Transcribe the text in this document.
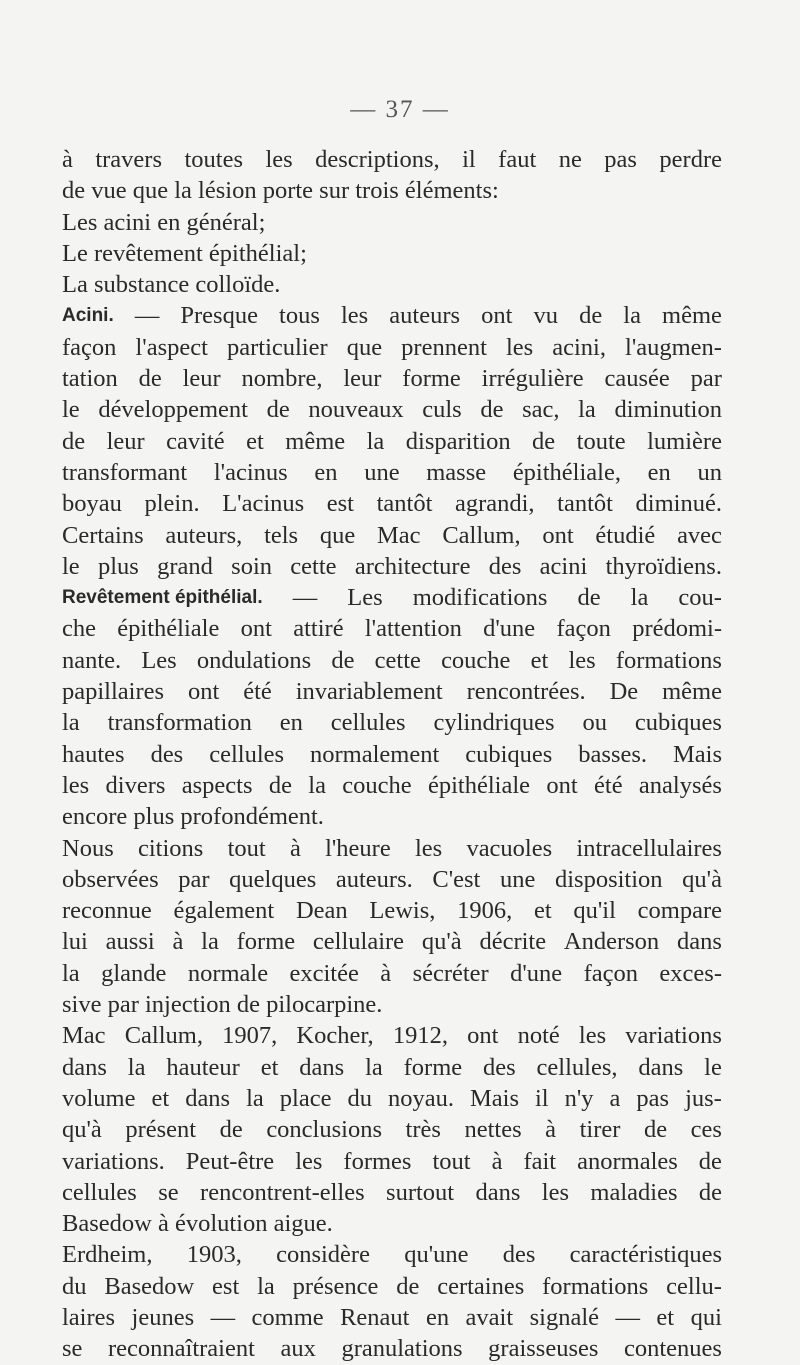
— 37 —
à travers toutes les descriptions, il faut ne pas perdre
de vue que la lésion porte sur trois éléments:
Les acini en général;
Le revêtement épithélial;
La substance colloïde.
Acini. — Presque tous les auteurs ont vu de la même
façon l'aspect particulier que prennent les acini, l'augmen-
tation de leur nombre, leur forme irrégulière causée par
le développement de nouveaux culs de sac, la diminution
de leur cavité et même la disparition de toute lumière
transformant l'acinus en une masse épithéliale, en un
boyau plein. L'acinus est tantôt agrandi, tantôt diminué.
Certains auteurs, tels que Mac Callum, ont étudié avec
le plus grand soin cette architecture des acini thyroïdiens.
Revêtement épithélial. — Les modifications de la cou-
che épithéliale ont attiré l'attention d'une façon prédomi-
nante. Les ondulations de cette couche et les formations
papillaires ont été invariablement rencontrées. De même
la transformation en cellules cylindriques ou cubiques
hautes des cellules normalement cubiques basses. Mais
les divers aspects de la couche épithéliale ont été analysés
encore plus profondément.
Nous citions tout à l'heure les vacuoles intracellulaires
observées par quelques auteurs. C'est une disposition qu'à
reconnue également Dean Lewis, 1906, et qu'il compare
lui aussi à la forme cellulaire qu'à décrite Anderson dans
la glande normale excitée à sécréter d'une façon exces-
sive par injection de pilocarpine.
Mac Callum, 1907, Kocher, 1912, ont noté les variations
dans la hauteur et dans la forme des cellules, dans le
volume et dans la place du noyau. Mais il n'y a pas jus-
qu'à présent de conclusions très nettes à tirer de ces
variations. Peut-être les formes tout à fait anormales de
cellules se rencontrent-elles surtout dans les maladies de
Basedow à évolution aigue.
Erdheim, 1903, considère qu'une des caractéristiques
du Basedow est la présence de certaines formations cellu-
laires jeunes — comme Renaut en avait signalé — et qui
se reconnaîtraient aux granulations graisseuses contenues
